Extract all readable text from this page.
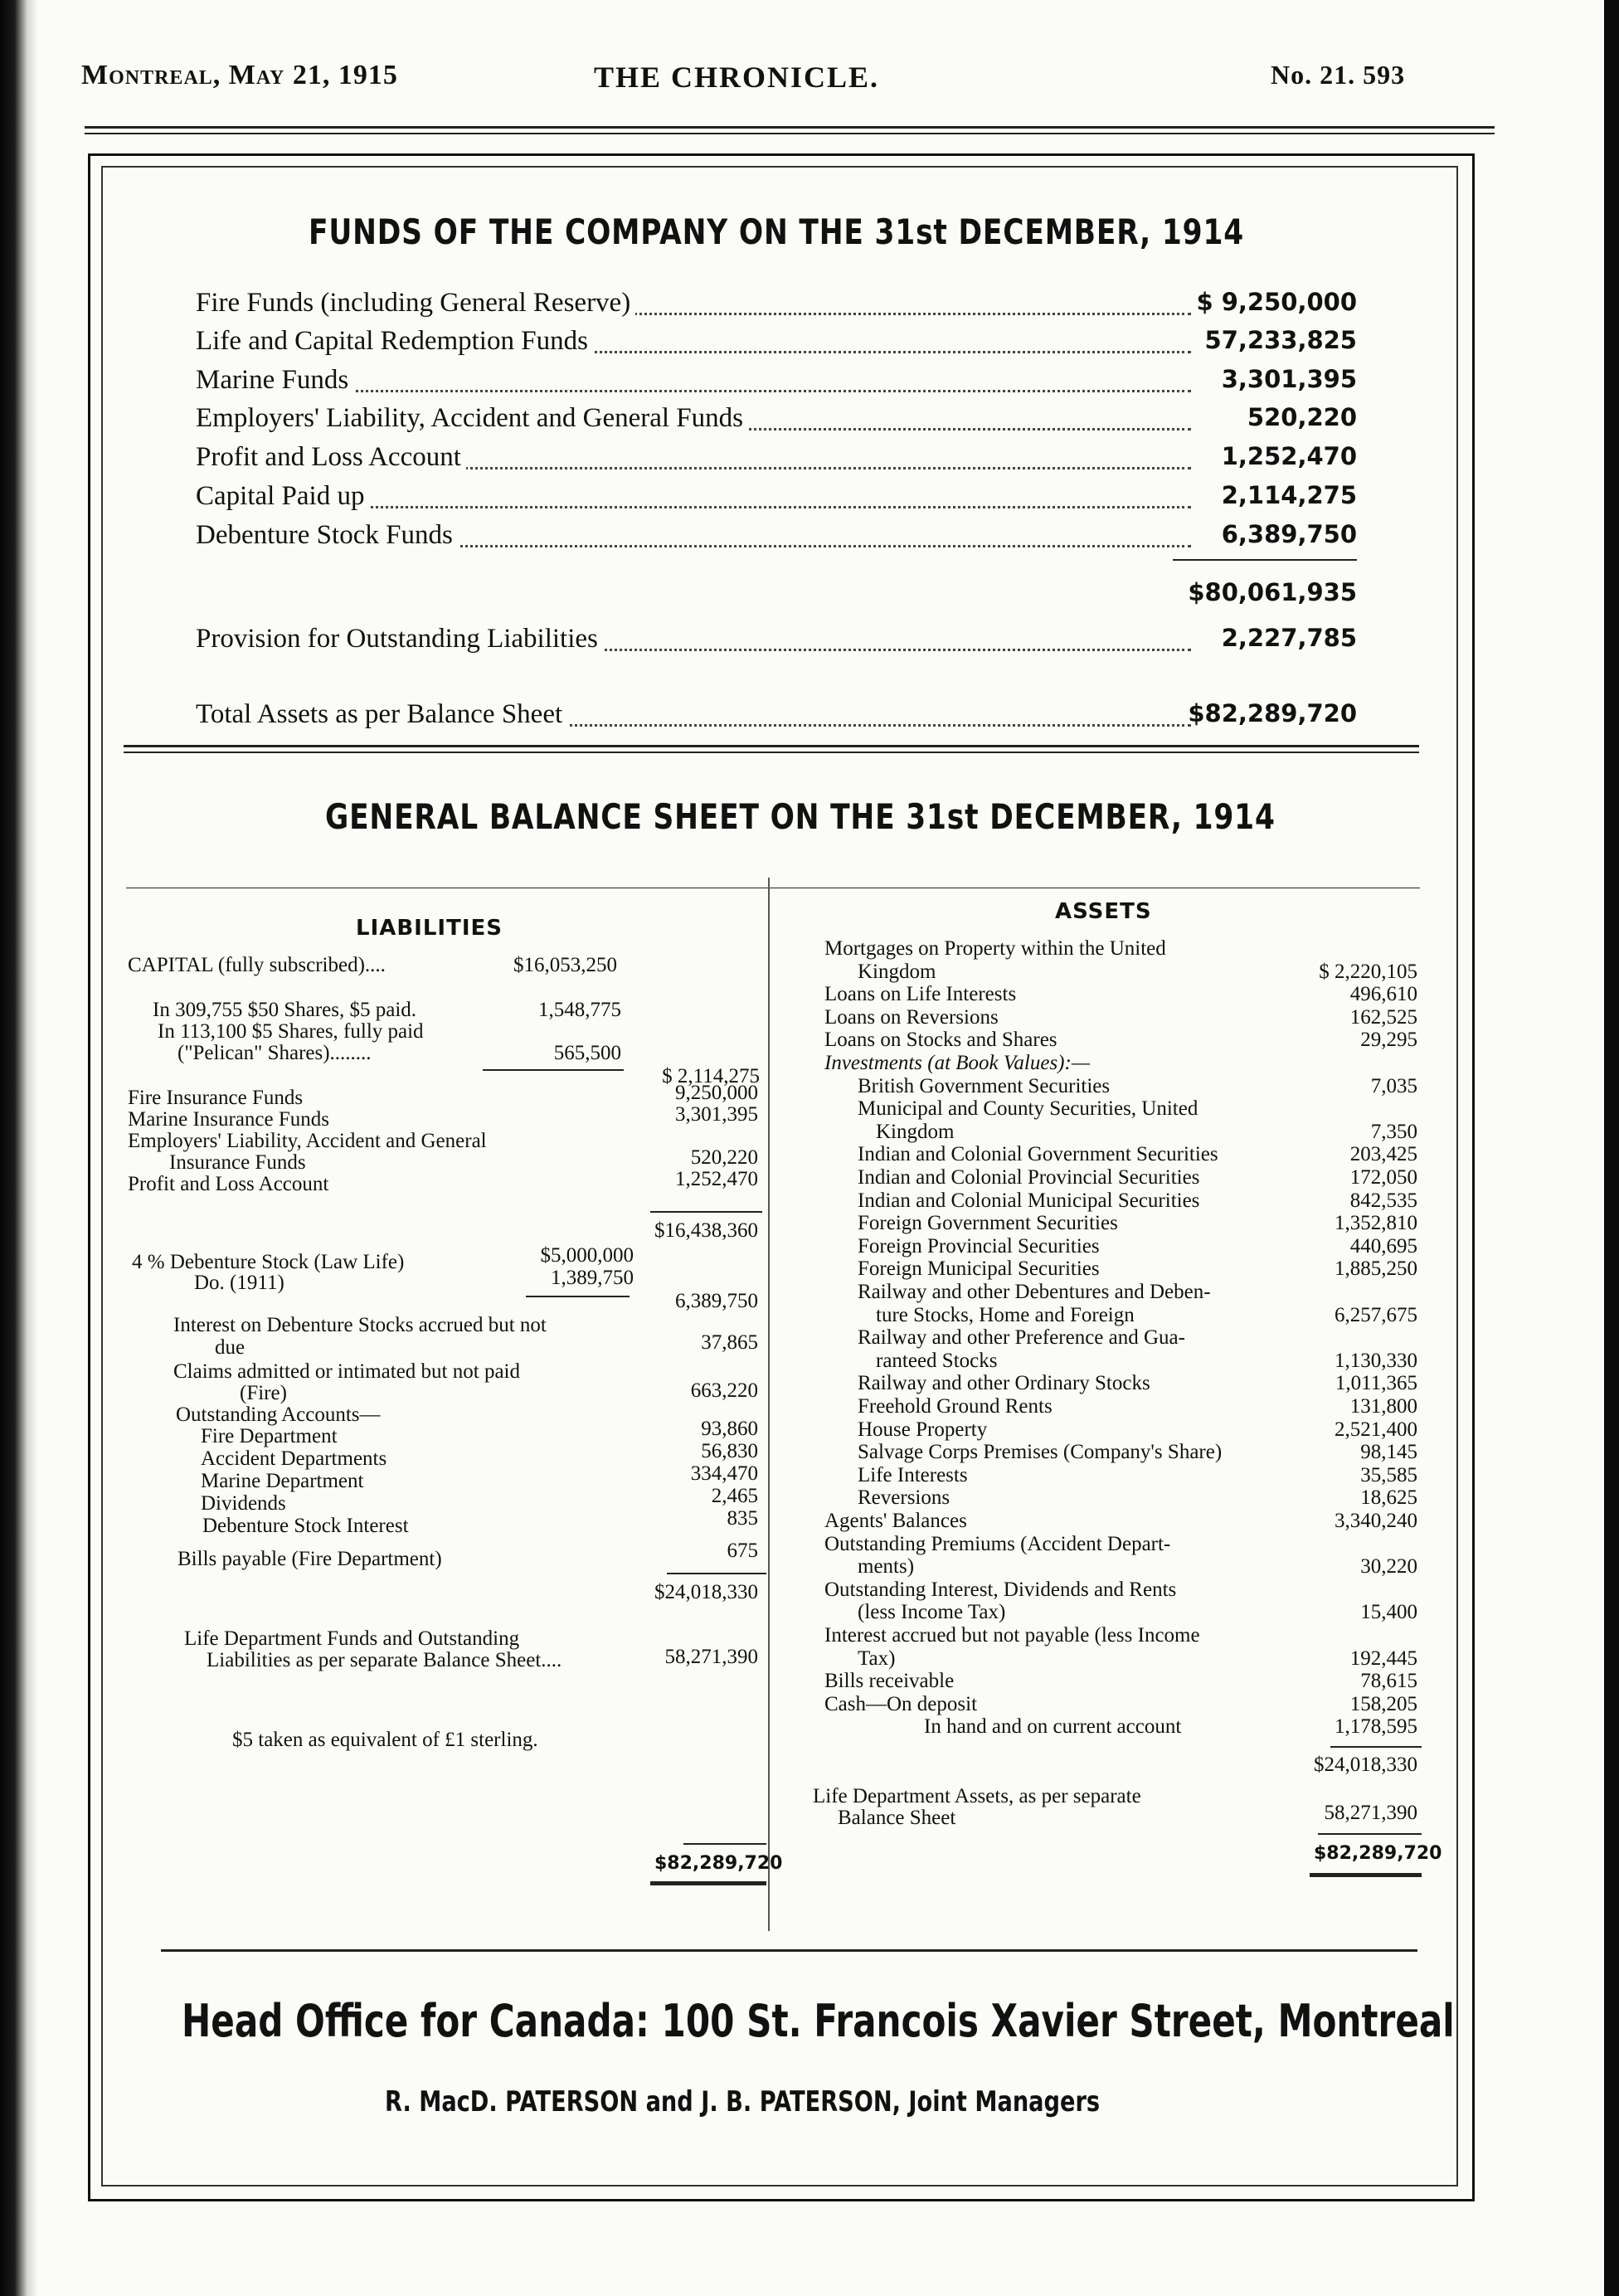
Montreal, May 21, 1915	THE CHRONICLE.	No. 21. 593
FUNDS OF THE COMPANY ON THE 31st DECEMBER, 1914
Fire Funds (including General Reserve)	$ 9,250,000
Life and Capital Redemption Funds	57,233,825
Marine Funds	3,301,395
Employers' Liability, Accident and General Funds	520,220
Profit and Loss Account	1,252,470
Capital Paid up	2,114,275
Debenture Stock Funds	6,389,750
$80,061,935
Provision for Outstanding Liabilities	2,227,785
Total Assets as per Balance Sheet	$82,289,720
GENERAL BALANCE SHEET ON THE 31st DECEMBER, 1914
LIABILITIES
CAPITAL (fully subscribed)....	$16,053,250
In 309,755 $50 Shares, $5 paid.	1,548,775
In 113,100 $5 Shares, fully paid
("Pelican" Shares)........	565,500
$ 2,114,275
Fire Insurance Funds	9,250,000
Marine Insurance Funds	3,301,395
Employers' Liability, Accident and General
Insurance Funds	520,220
Profit and Loss Account	1,252,470
$16,438,360
4 % Debenture Stock (Law Life)	$5,000,000
Do. (1911)	1,389,750
6,389,750
Interest on Debenture Stocks accrued but not
due	37,865
Claims admitted or intimated but not paid
(Fire)	663,220
Outstanding Accounts—
Fire Department	93,860
Accident Departments	56,830
Marine Department	334,470
Dividends	2,465
Debenture Stock Interest	835
Bills payable (Fire Department)	675
$24,018,330
Life Department Funds and Outstanding
Liabilities as per separate Balance Sheet....	58,271,390
$5 taken as equivalent of £1 sterling.
$82,289,720
ASSETS
Mortgages on Property within the United
Kingdom	$ 2,220,105
Loans on Life Interests	496,610
Loans on Reversions	162,525
Loans on Stocks and Shares	29,295
Investments (at Book Values):—
British Government Securities	7,035
Municipal and County Securities, United
Kingdom	7,350
Indian and Colonial Government Securities	203,425
Indian and Colonial Provincial Securities	172,050
Indian and Colonial Municipal Securities	842,535
Foreign Government Securities	1,352,810
Foreign Provincial Securities	440,695
Foreign Municipal Securities	1,885,250
Railway and other Debentures and Deben-
ture Stocks, Home and Foreign	6,257,675
Railway and other Preference and Gua-
ranteed Stocks	1,130,330
Railway and other Ordinary Stocks	1,011,365
Freehold Ground Rents	131,800
House Property	2,521,400
Salvage Corps Premises (Company's Share)	98,145
Life Interests	35,585
Reversions	18,625
Agents' Balances	3,340,240
Outstanding Premiums (Accident Depart-
ments)	30,220
Outstanding Interest, Dividends and Rents
(less Income Tax)	15,400
Interest accrued but not payable (less Income
Tax)	192,445
Bills receivable	78,615
Cash—On deposit	158,205
In hand and on current account	1,178,595
$24,018,330
Life Department Assets, as per separate
Balance Sheet	58,271,390
$82,289,720
Head Office for Canada: 100 St. Francois Xavier Street, Montreal
R. MacD. PATERSON and J. B. PATERSON, Joint Managers
